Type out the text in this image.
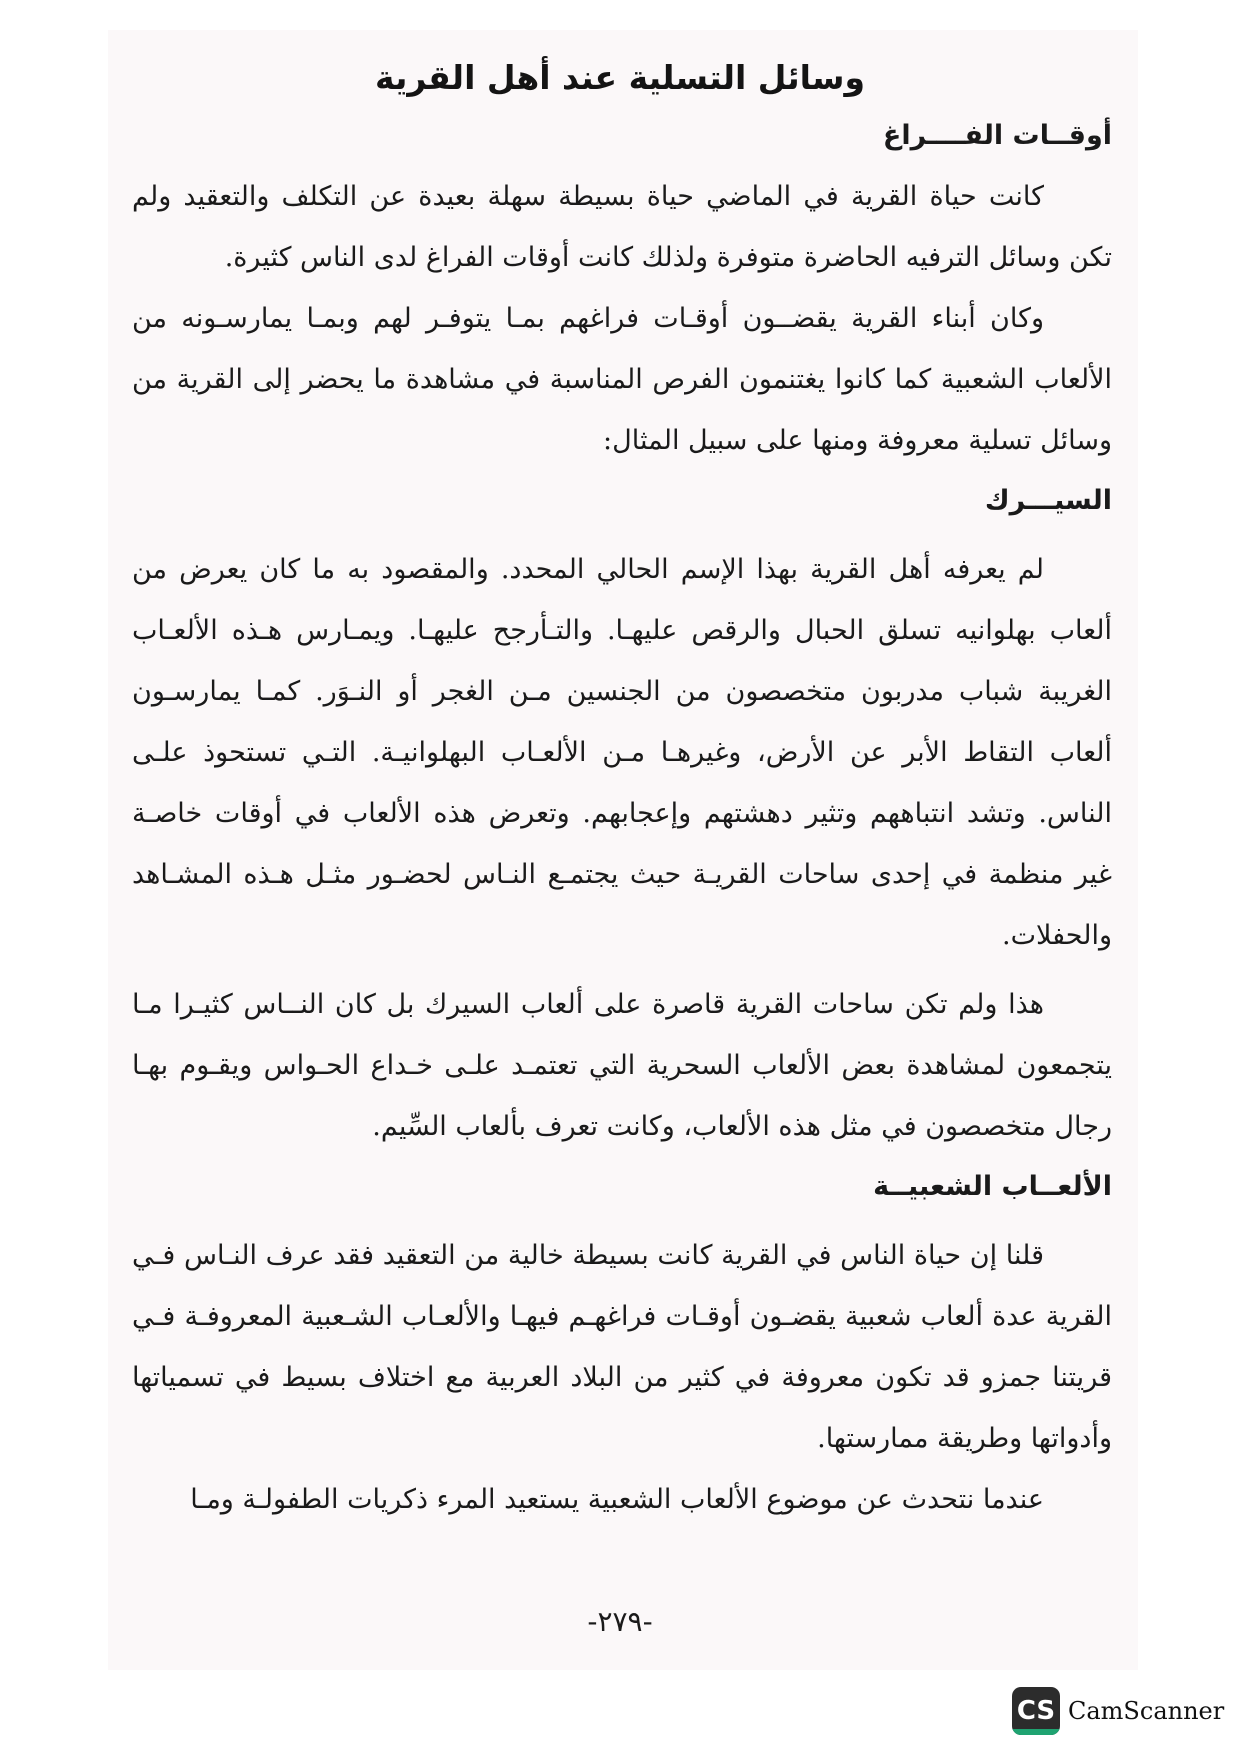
وسائل التسلية عند أهل القرية
أوقــات الفــــراغ

كانت حياة القرية في الماضي حياة بسيطة سهلة بعيدة عن التكلف والتعقيد ولم تكن وسائل الترفيه الحاضرة متوفرة ولذلك كانت أوقات الفراغ لدى الناس كثيرة.

وكان أبناء القرية يقضــون أوقـات فراغهم بمـا يتوفـر لهم وبمـا يمارسـونه من الألعاب الشعبية كما كانوا يغتنمون الفرص المناسبة في مشاهدة ما يحضر إلى القرية من وسائل تسلية معروفة ومنها على سبيل المثال:

السيـــرك

لم يعرفه أهل القرية بهذا الإسم الحالي المحدد. والمقصود به ما كان يعرض من ألعاب بهلوانيه تسلق الحبال والرقص عليهـا. والتـأرجح عليهـا. ويمـارس هـذه الألعـاب الغريبة شباب مدربون متخصصون من الجنسين مـن الغجر أو النـوَر. كمـا يمارسـون ألعاب التقاط الأبر عن الأرض، وغيرهـا مـن الألعـاب البهلوانيـة. التـي تستحوذ علـى الناس. وتشد انتباههم وتثير دهشتهم وإعجابهم. وتعرض هذه الألعاب في أوقات خاصـة غير منظمة في إحدى ساحات القريـة حيث يجتمـع النـاس لحضـور مثـل هـذه المشـاهد والحفلات.

هذا ولم تكن ساحات القرية قاصرة على ألعاب السيرك بل كان النــاس كثيـرا مـا يتجمعون لمشاهدة بعض الألعاب السحرية التي تعتمـد علـى خـداع الحـواس ويقـوم بهـا رجال متخصصون في مثل هذه الألعاب، وكانت تعرف بألعاب السِّيم.

الألعــاب الشعبيــة

قلنا إن حياة الناس في القرية كانت بسيطة خالية من التعقيد فقد عرف النـاس فـي القرية عدة ألعاب شعبية يقضـون أوقـات فراغهـم فيهـا والألعـاب الشـعبية المعروفـة فـي قريتنا جمزو قد تكون معروفة في كثير من البلاد العربية مع اختلاف بسيط في تسمياتها وأدواتها وطريقة ممارستها.

عندما نتحدث عن موضوع الألعاب الشعبية يستعيد المرء ذكريات الطفولـة ومـا

-٢٧٩-
CS CamScanner
